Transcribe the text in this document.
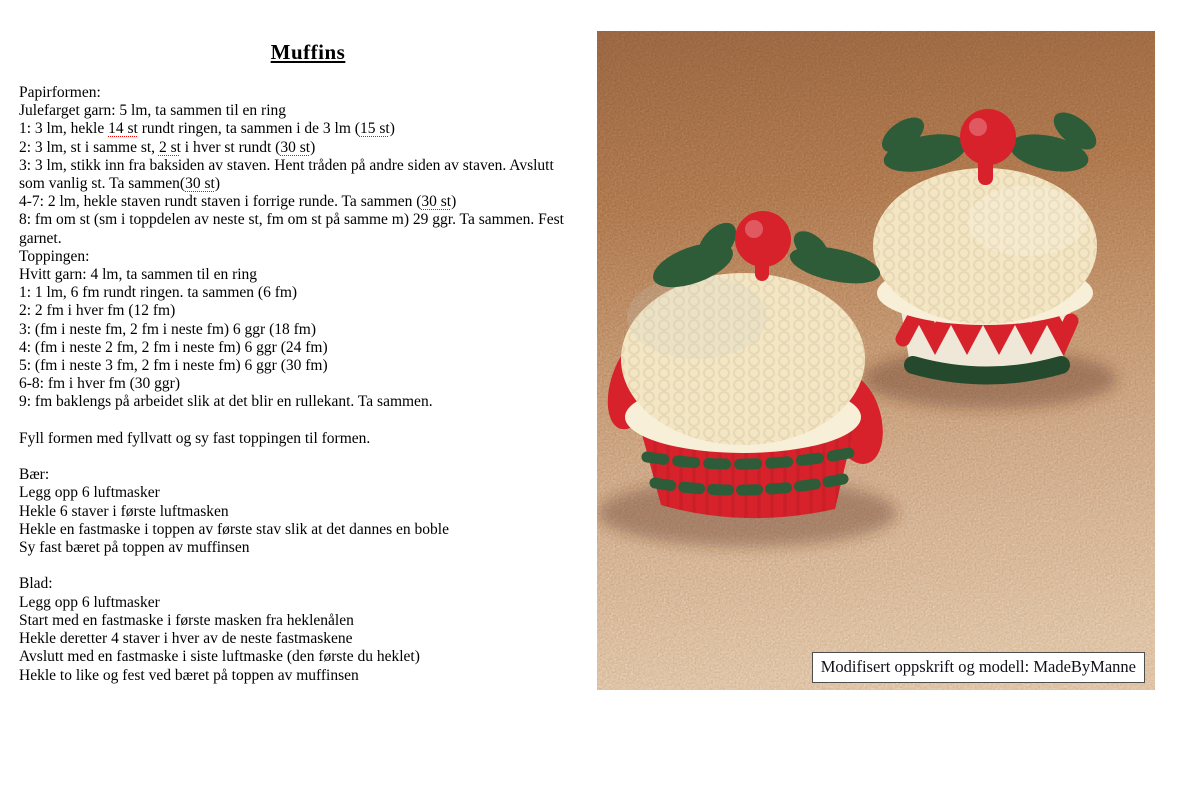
Muffins
Papirformen:
Julefarget garn: 5 lm, ta sammen til en ring
1: 3 lm, hekle 14 st rundt ringen, ta sammen i de 3 lm (15 st)
2: 3 lm, st i samme st, 2 st i hver st rundt (30 st)
3: 3 lm, stikk inn fra baksiden av staven. Hent tråden på andre siden av staven. Avslutt
som vanlig st. Ta sammen(30 st)
4-7: 2 lm, hekle staven rundt staven i forrige runde. Ta sammen (30 st)
8: fm om st (sm i toppdelen av neste st, fm om st på samme m) 29 ggr. Ta sammen. Fest
garnet.
Toppingen:
Hvitt garn: 4 lm, ta sammen til en ring
1: 1 lm, 6 fm rundt ringen. ta sammen (6 fm)
2: 2 fm i hver fm (12 fm)
3: (fm i neste fm, 2 fm i neste fm) 6 ggr (18 fm)
4: (fm i neste 2 fm, 2 fm i neste fm) 6 ggr (24 fm)
5: (fm i neste 3 fm, 2 fm i neste fm) 6 ggr (30 fm)
6-8: fm i hver fm (30 ggr)
9: fm baklengs på arbeidet slik at det blir en rullekant. Ta sammen.

Fyll formen med fyllvatt og sy fast toppingen til formen.

Bær:
Legg opp 6 luftmasker
Hekle 6 staver i første luftmasken
Hekle en fastmaske i toppen av første stav slik at det dannes en boble
Sy fast bæret på toppen av muffinsen

Blad:
Legg opp 6 luftmasker
Start med en fastmaske i første masken fra heklenålen
Hekle deretter 4 staver i hver av de neste fastmaskene
Avslutt med en fastmaske i siste luftmaske (den første du heklet)
Hekle to like og fest ved bæret på toppen av muffinsen	Modifisert oppskrift og modell: MadeByManne
